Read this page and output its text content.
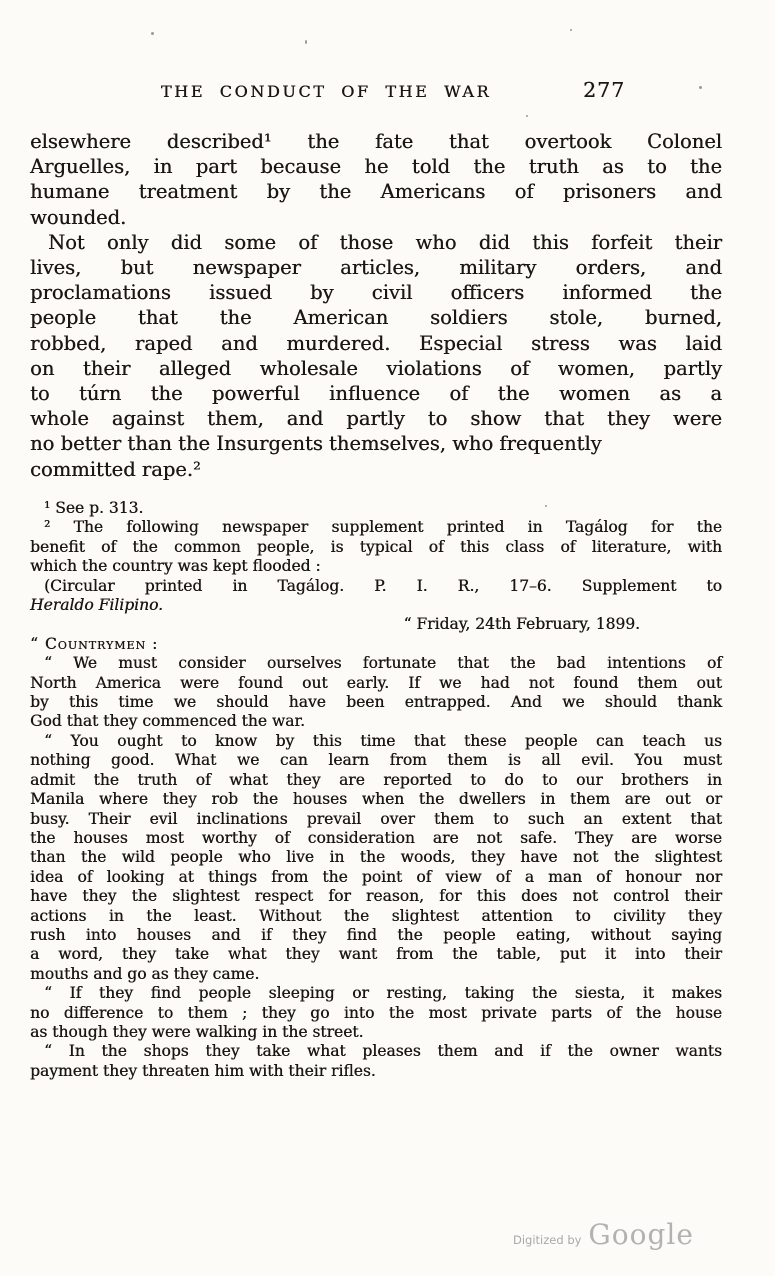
THE CONDUCT OF THE WAR	277
elsewhere described¹ the fate that overtook Colonel
Arguelles, in part because he told the truth as to the
humane treatment by the Americans of prisoners and
wounded.
Not only did some of those who did this forfeit their
lives, but newspaper articles, military orders, and
proclamations issued by civil officers informed the
people that the American soldiers stole, burned,
robbed, raped and murdered. Especial stress was laid
on their alleged wholesale violations of women, partly
to túrn the powerful influence of the women as a
whole against them, and partly to show that they were
no better than the Insurgents themselves, who frequently
committed rape.²
¹ See p. 313.
² The following newspaper supplement printed in Tagálog for the
benefit of the common people, is typical of this class of literature, with
which the country was kept flooded :
(Circular printed in Tagálog. P. I. R., 17–6. Supplement to
Heraldo Filipino.
“ Friday, 24th February, 1899.
“ Countrymen :
“ We must consider ourselves fortunate that the bad intentions of
North America were found out early. If we had not found them out
by this time we should have been entrapped. And we should thank
God that they commenced the war.
“ You ought to know by this time that these people can teach us
nothing good. What we can learn from them is all evil. You must
admit the truth of what they are reported to do to our brothers in
Manila where they rob the houses when the dwellers in them are out or
busy. Their evil inclinations prevail over them to such an extent that
the houses most worthy of consideration are not safe. They are worse
than the wild people who live in the woods, they have not the slightest
idea of looking at things from the point of view of a man of honour nor
have they the slightest respect for reason, for this does not control their
actions in the least. Without the slightest attention to civility they
rush into houses and if they find the people eating, without saying
a word, they take what they want from the table, put it into their
mouths and go as they came.
“ If they find people sleeping or resting, taking the siesta, it makes
no difference to them ; they go into the most private parts of the house
as though they were walking in the street.
“ In the shops they take what pleases them and if the owner wants
payment they threaten him with their rifles.
Digitized by Google
